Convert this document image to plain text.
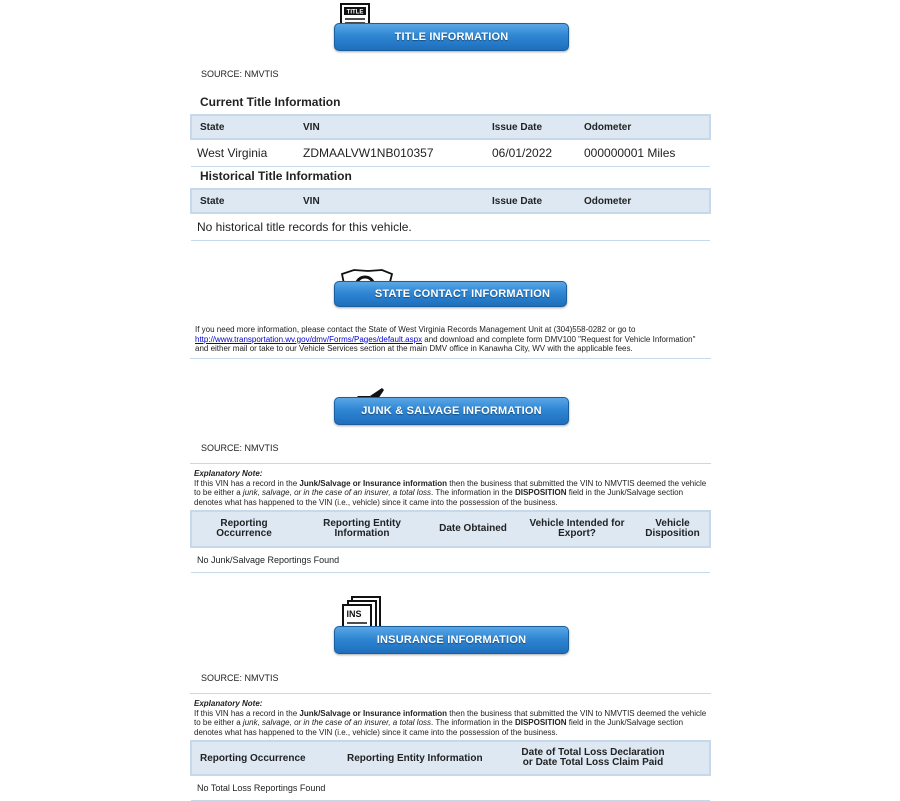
TITLE
TITLE INFORMATION
SOURCE: NMVTIS
Current Title Information
State	VIN	Issue Date	Odometer
West Virginia	ZDMAALVW1NB010357	06/01/2022	000000001 Miles
Historical Title Information
State	VIN	Issue Date	Odometer
No historical title records for this vehicle.
STATE CONTACT INFORMATION
If you need more information, please contact the State of West Virginia Records Management Unit at (304)558-0282 or go to
http://www.transportation.wv.gov/dmv/Forms/Pages/default.aspx and download and complete form DMV100 "Request for Vehicle Information" and either mail or take to our Vehicle Services section at the main DMV office in Kanawha City, WV with the applicable fees.
JUNK & SALVAGE INFORMATION
SOURCE: NMVTIS
Explanatory Note:
If this VIN has a record in the Junk/Salvage or Insurance information then the business that submitted the VIN to NMVTIS deemed the vehicle to be either a junk, salvage, or in the case of an insurer, a total loss. The information in the DISPOSITION field in the Junk/Salvage section denotes what has happened to the VIN (i.e., vehicle) since it came into the possession of the business.
Reporting Occurrence	Reporting Entity Information	Date Obtained	Vehicle Intended for Export?	Vehicle Disposition
No Junk/Salvage Reportings Found
INS
INSURANCE INFORMATION
SOURCE: NMVTIS
Explanatory Note:
If this VIN has a record in the Junk/Salvage or Insurance information then the business that submitted the VIN to NMVTIS deemed the vehicle to be either a junk, salvage, or in the case of an insurer, a total loss. The information in the DISPOSITION field in the Junk/Salvage section denotes what has happened to the VIN (i.e., vehicle) since it came into the possession of the business.
Reporting Occurrence	Reporting Entity Information	Date of Total Loss Declaration or Date Total Loss Claim Paid
No Total Loss Reportings Found
